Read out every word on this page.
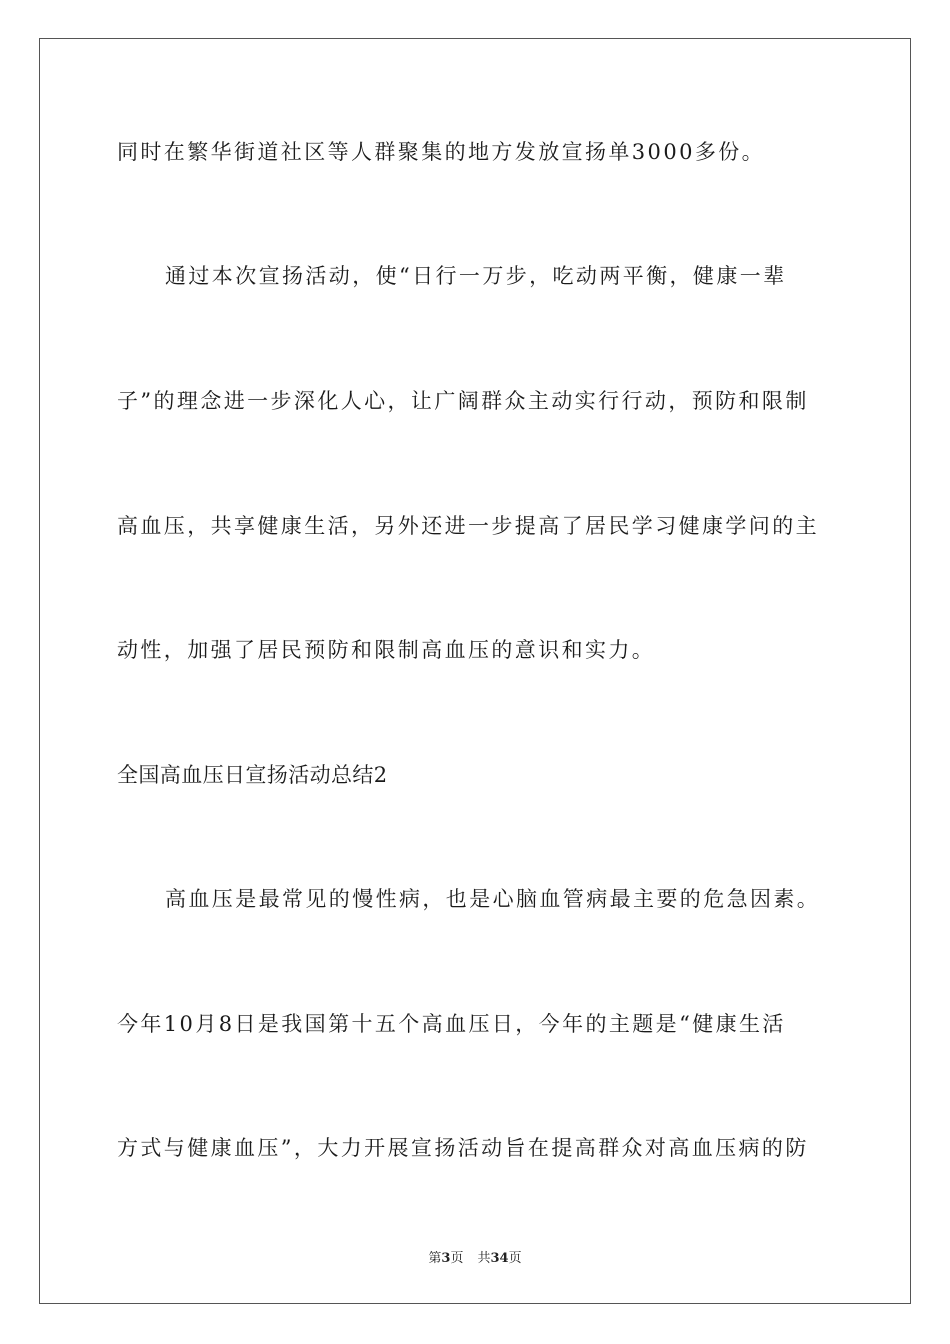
同时在繁华街道社区等人群聚集的地方发放宣扬单3000多份。
通过本次宣扬活动，使“日行一万步，吃动两平衡，健康一辈
子”的理念进一步深化人心，让广阔群众主动实行行动，预防和限制
高血压，共享健康生活，另外还进一步提高了居民学习健康学问的主
动性，加强了居民预防和限制高血压的意识和实力。
全国高血压日宣扬活动总结2
高血压是最常见的慢性病，也是心脑血管病最主要的危急因素。
今年10月8日是我国第十五个高血压日，今年的主题是“健康生活
方式与健康血压”，大力开展宣扬活动旨在提高群众对高血压病的防
第3页 共34页
